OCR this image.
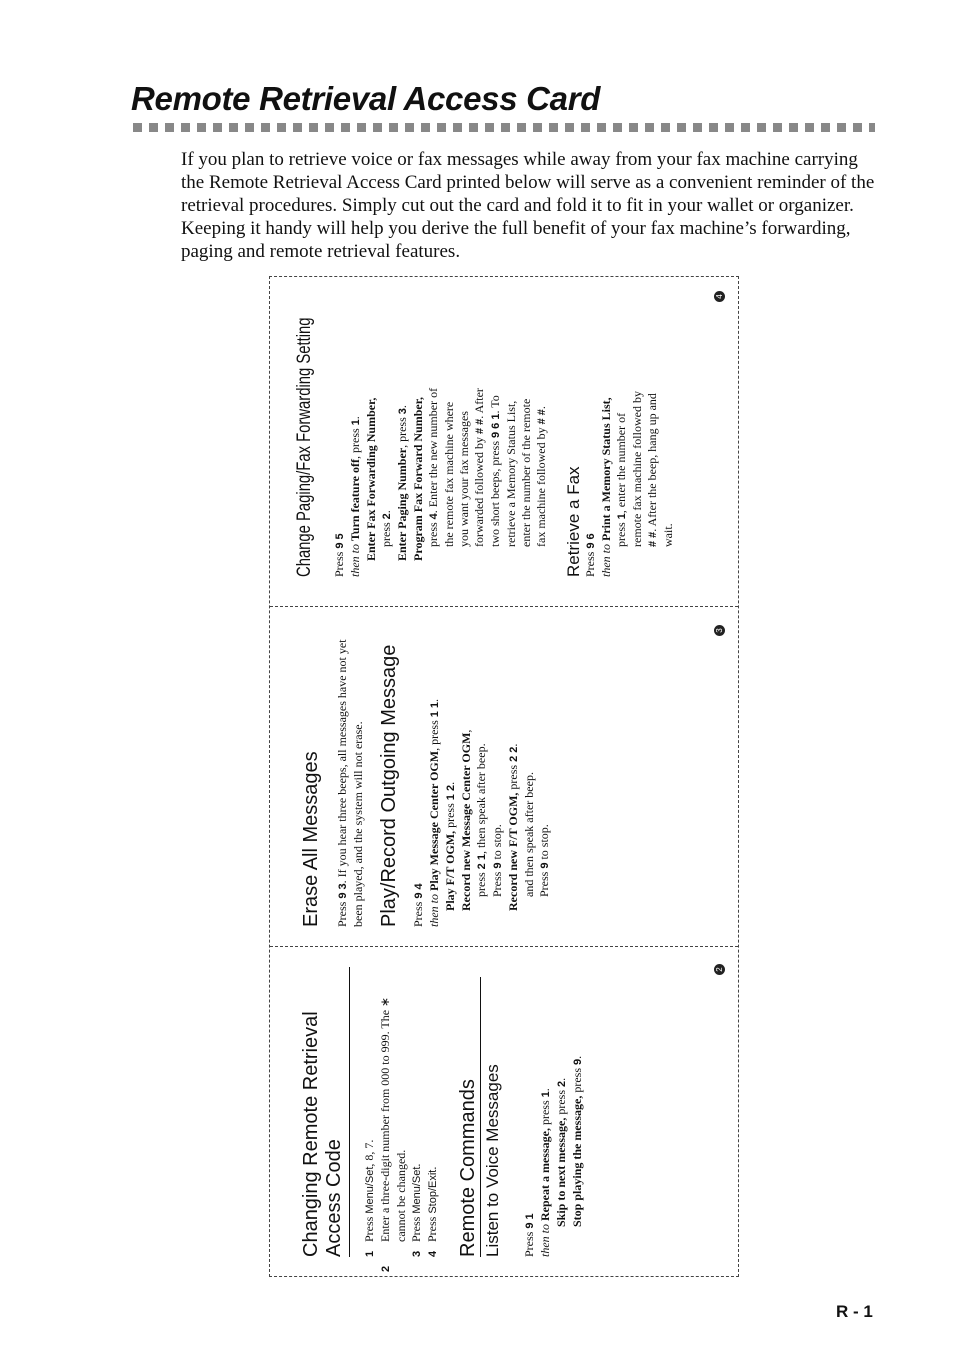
Remote Retrieval Access Card

If you plan to retrieve voice or fax messages while away from your fax machine carrying the Remote Retrieval Access Card printed below will serve as a convenient reminder of the retrieval procedures. Simply cut out the card and fold it to fit in your wallet or organizer. Keeping it handy will help you derive the full benefit of your fax machine’s forwarding, paging and remote retrieval features.

Changing Remote Retrieval Access Code	1Press Menu/Set, 8, 7.

2Enter a three-digit number from 000 to 999. The ∗ cannot be changed.

3Press Menu/Set.

4Press Stop/Exit. Remote Commands Listen to Voice Messages Press 9 1 then to Repeat a message, press 1.

Skip to next message, press 2.

Stop playing the message, press 9.

2

Erase All Messages Press 9 3. If you hear three beeps, all messages have not yet been played, and the system will not erase. Play/Record Outgoing Message Press 9 4 then to Play Message Center OGM, press 1 1.

Play F/T OGM, press 1 2. Record new Message Center OGM,

press 2 1, then speak after beep.

Press 9 to stop. Record new F/T OGM, press 2 2.

and then speak after beep. Press 9 to stop.

3
Change Paging/Fax Forwarding Setting Press 9 5 then to Turn feature off, press 1. Enter Fax Forwarding Number, press 2. Enter Paging Number, press 3. Program Fax Forward Number, press 4. Enter the new number of the remote fax machine where you want your fax messages forwarded followed by # #. After two short beeps, press 9 6 1. To retrieve a Memory Status List, enter the number of the remote fax machine followed by # #.

Retrieve a Fax Press 9 6 then to Print a Memory Status List, press 1, enter the number of remote fax machine followed by # #. After the beep, hang up and wait.

4
R - 1
